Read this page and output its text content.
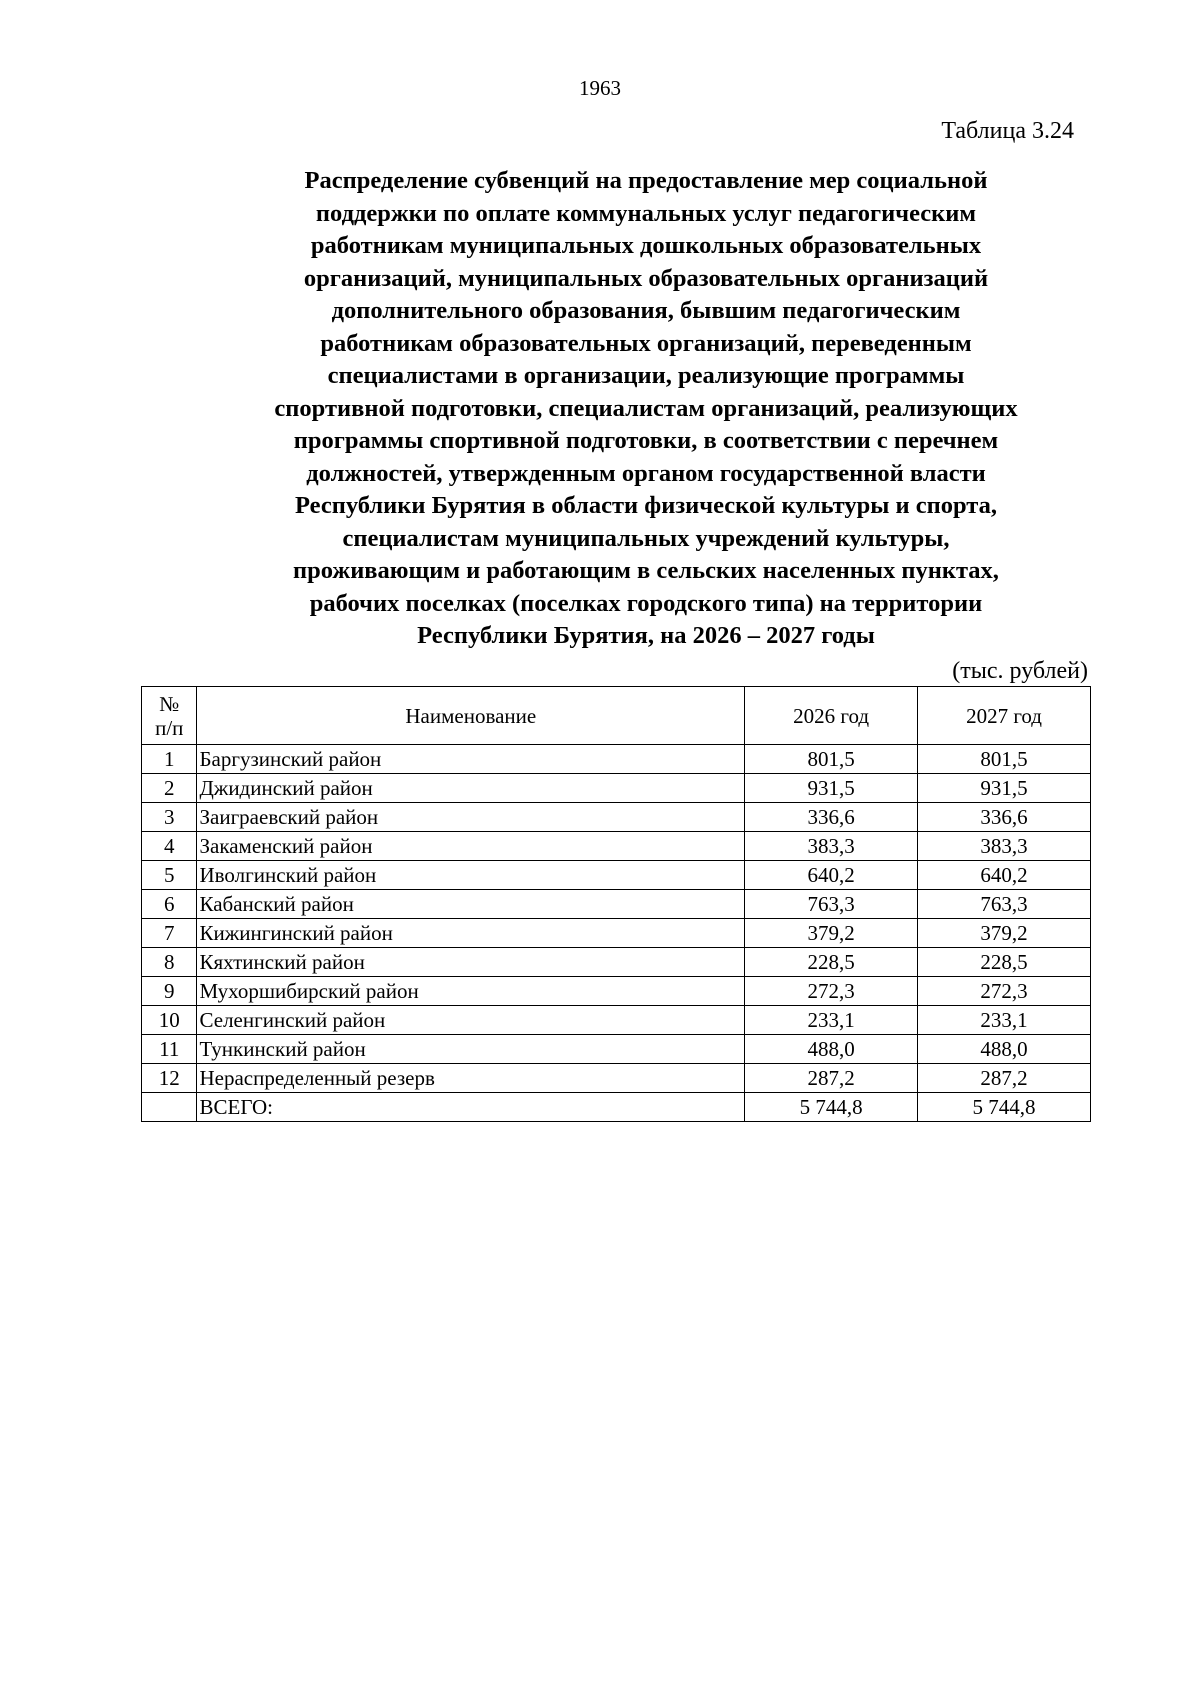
1963
Таблица 3.24
Распределение субвенций на предоставление мер социальной
поддержки по оплате коммунальных услуг педагогическим
работникам муниципальных дошкольных образовательных
организаций, муниципальных образовательных организаций
дополнительного образования, бывшим педагогическим
работникам образовательных организаций, переведенным
специалистами в организации, реализующие программы
спортивной подготовки, специалистам организаций, реализующих
программы спортивной подготовки, в соответствии с перечнем
должностей, утвержденным органом государственной власти
Республики Бурятия в области физической культуры и спорта,
специалистам муниципальных учреждений культуры,
проживающим и работающим в сельских населенных пунктах,
рабочих поселках (поселках городского типа) на территории
Республики Бурятия, на 2026 – 2027 годы
(тыс. рублей)
№
п/п	Наименование	2026 год	2027 год
1	Баргузинский район	801,5	801,5
2	Джидинский район	931,5	931,5
3	Заиграевский район	336,6	336,6
4	Закаменский район	383,3	383,3
5	Иволгинский район	640,2	640,2
6	Кабанский район	763,3	763,3
7	Кижингинский район	379,2	379,2
8	Кяхтинский район	228,5	228,5
9	Мухоршибирский район	272,3	272,3
10	Селенгинский район	233,1	233,1
11	Тункинский район	488,0	488,0
12	Нераспределенный резерв	287,2	287,2
	ВСЕГО:	5 744,8	5 744,8
